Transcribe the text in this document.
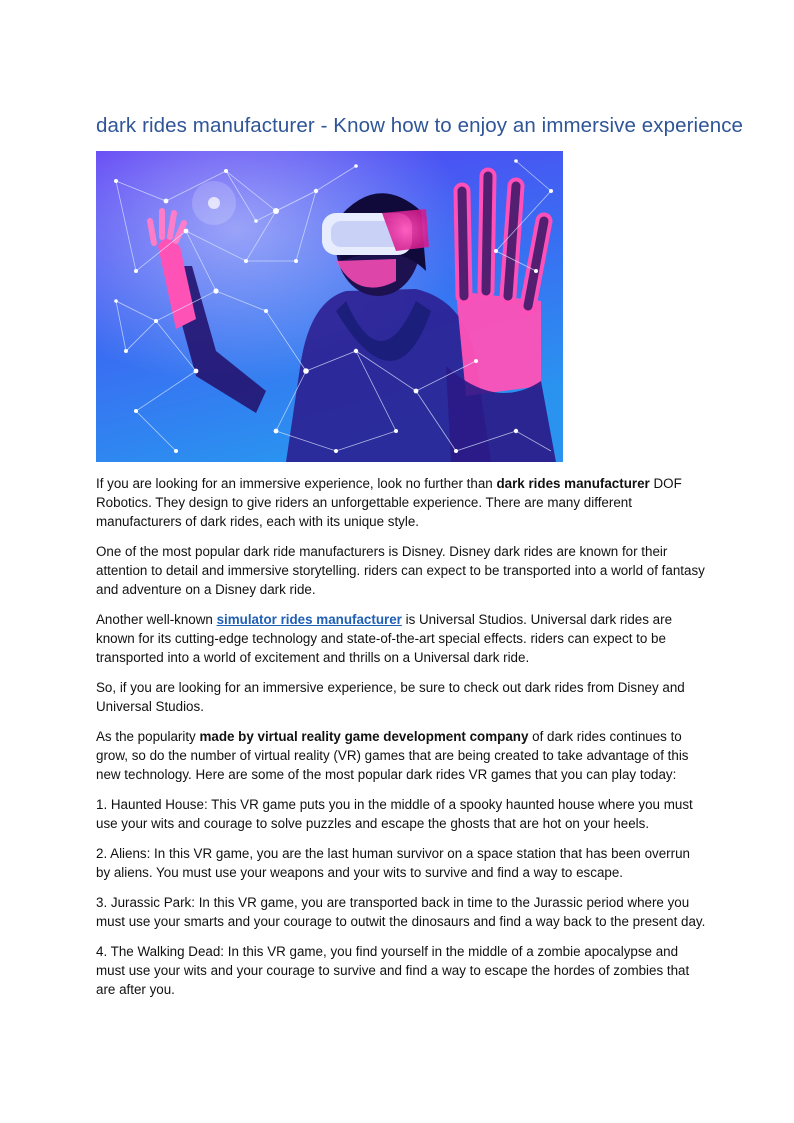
dark rides manufacturer - Know how to enjoy an immersive experience

If you are looking for an immersive experience, look no further than dark rides manufacturer DOF Robotics. They design to give riders an unforgettable experience. There are many different manufacturers of dark rides, each with its unique style.

One of the most popular dark ride manufacturers is Disney. Disney dark rides are known for their attention to detail and immersive storytelling. riders can expect to be transported into a world of fantasy and adventure on a Disney dark ride.

Another well-known simulator rides manufacturer is Universal Studios. Universal dark rides are known for its cutting-edge technology and state-of-the-art special effects. riders can expect to be transported into a world of excitement and thrills on a Universal dark ride.

So, if you are looking for an immersive experience, be sure to check out dark rides from Disney and Universal Studios.

As the popularity made by virtual reality game development company of dark rides continues to grow, so do the number of virtual reality (VR) games that are being created to take advantage of this new technology. Here are some of the most popular dark rides VR games that you can play today:

1. Haunted House: This VR game puts you in the middle of a spooky haunted house where you must use your wits and courage to solve puzzles and escape the ghosts that are hot on your heels.

2. Aliens: In this VR game, you are the last human survivor on a space station that has been overrun by aliens. You must use your weapons and your wits to survive and find a way to escape.

3. Jurassic Park: In this VR game, you are transported back in time to the Jurassic period where you must use your smarts and your courage to outwit the dinosaurs and find a way back to the present day.

4. The Walking Dead: In this VR game, you find yourself in the middle of a zombie apocalypse and must use your wits and your courage to survive and find a way to escape the hordes of zombies that are after you.
